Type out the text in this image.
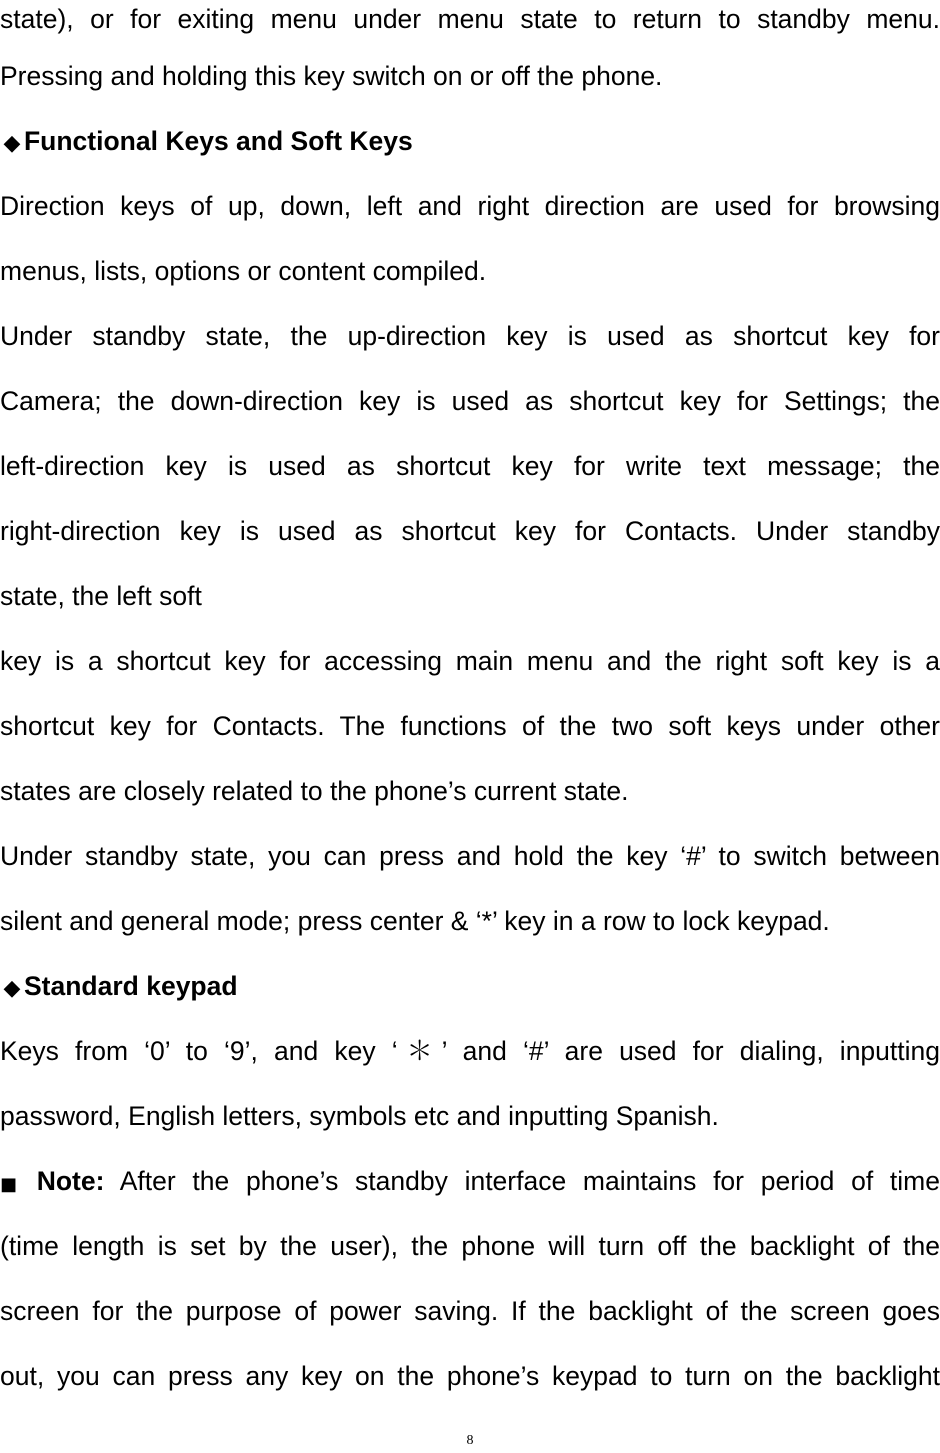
state), or for exiting menu under menu state to return to standby menu.
Pressing and holding this key switch on or off the phone.
◆ Functional Keys and Soft Keys
Direction keys of up, down, left and right direction are used for browsing
menus, lists, options or content compiled.
Under standby state, the up-direction key is used as shortcut key for
Camera; the down-direction key is used as shortcut key for Settings; the
left-direction key is used as shortcut key for write text message; the
right-direction key is used as shortcut key for Contacts. Under standby
state, the left soft
key is a shortcut key for accessing main menu and the right soft key is a
shortcut key for Contacts. The functions of the two soft keys under other
states are closely related to the phone’s current state.
Under standby state, you can press and hold the key ‘#’ to switch between
silent and general mode; press center & ‘*’ key in a row to lock keypad.
◆ Standard keypad
Keys from ‘0’ to ‘9’, and key ‘＊’ and ‘#’ are used for dialing, inputting
password, English letters, symbols etc and inputting Spanish.
■ Note: After the phone’s standby interface maintains for period of time
(time length is set by the user), the phone will turn off the backlight of the
screen for the purpose of power saving. If the backlight of the screen goes
out, you can press any key on the phone’s keypad to turn on the backlight
8
